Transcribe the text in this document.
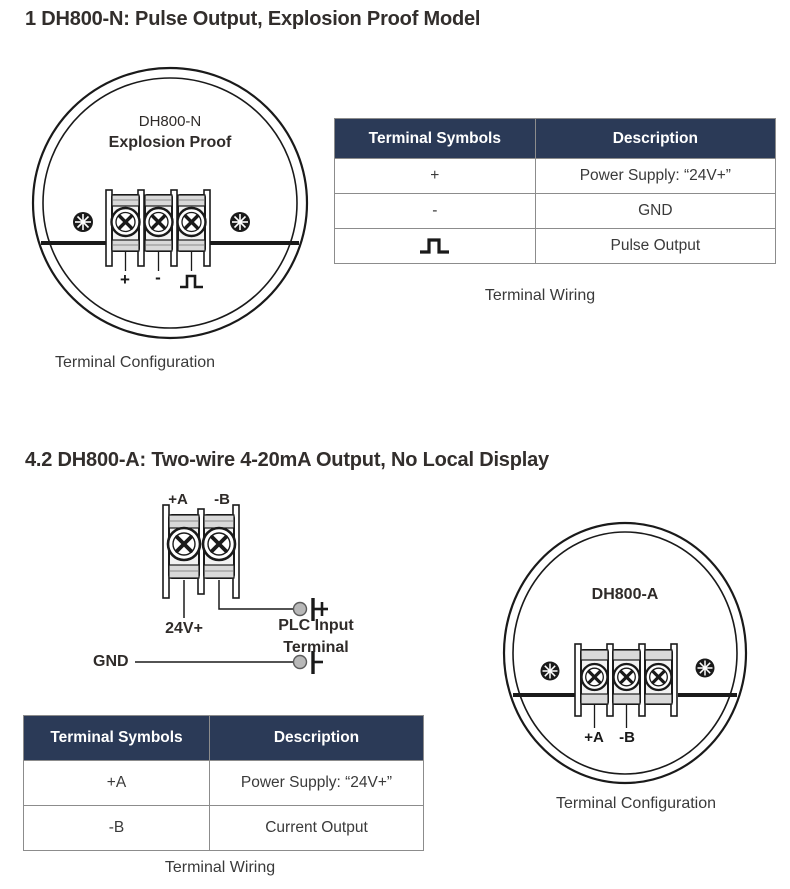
1 DH800-N: Pulse Output, Explosion Proof Model
DH800-N
Explosion Proof
+	-
Terminal Configuration
Terminal Symbols	Description
+	Power Supply: “24V+”
-	GND

	Pulse Output
Terminal Wiring
4.2 DH800-A: Two-wire 4-20mA Output, No Local Display
+A	-B
24V+
GND
PLC Input
Terminal
Terminal Symbols	Description
+A	Power Supply: “24V+”
-B	Current Output
Terminal Wiring
DH800-A
+A	-B
Terminal Configuration
